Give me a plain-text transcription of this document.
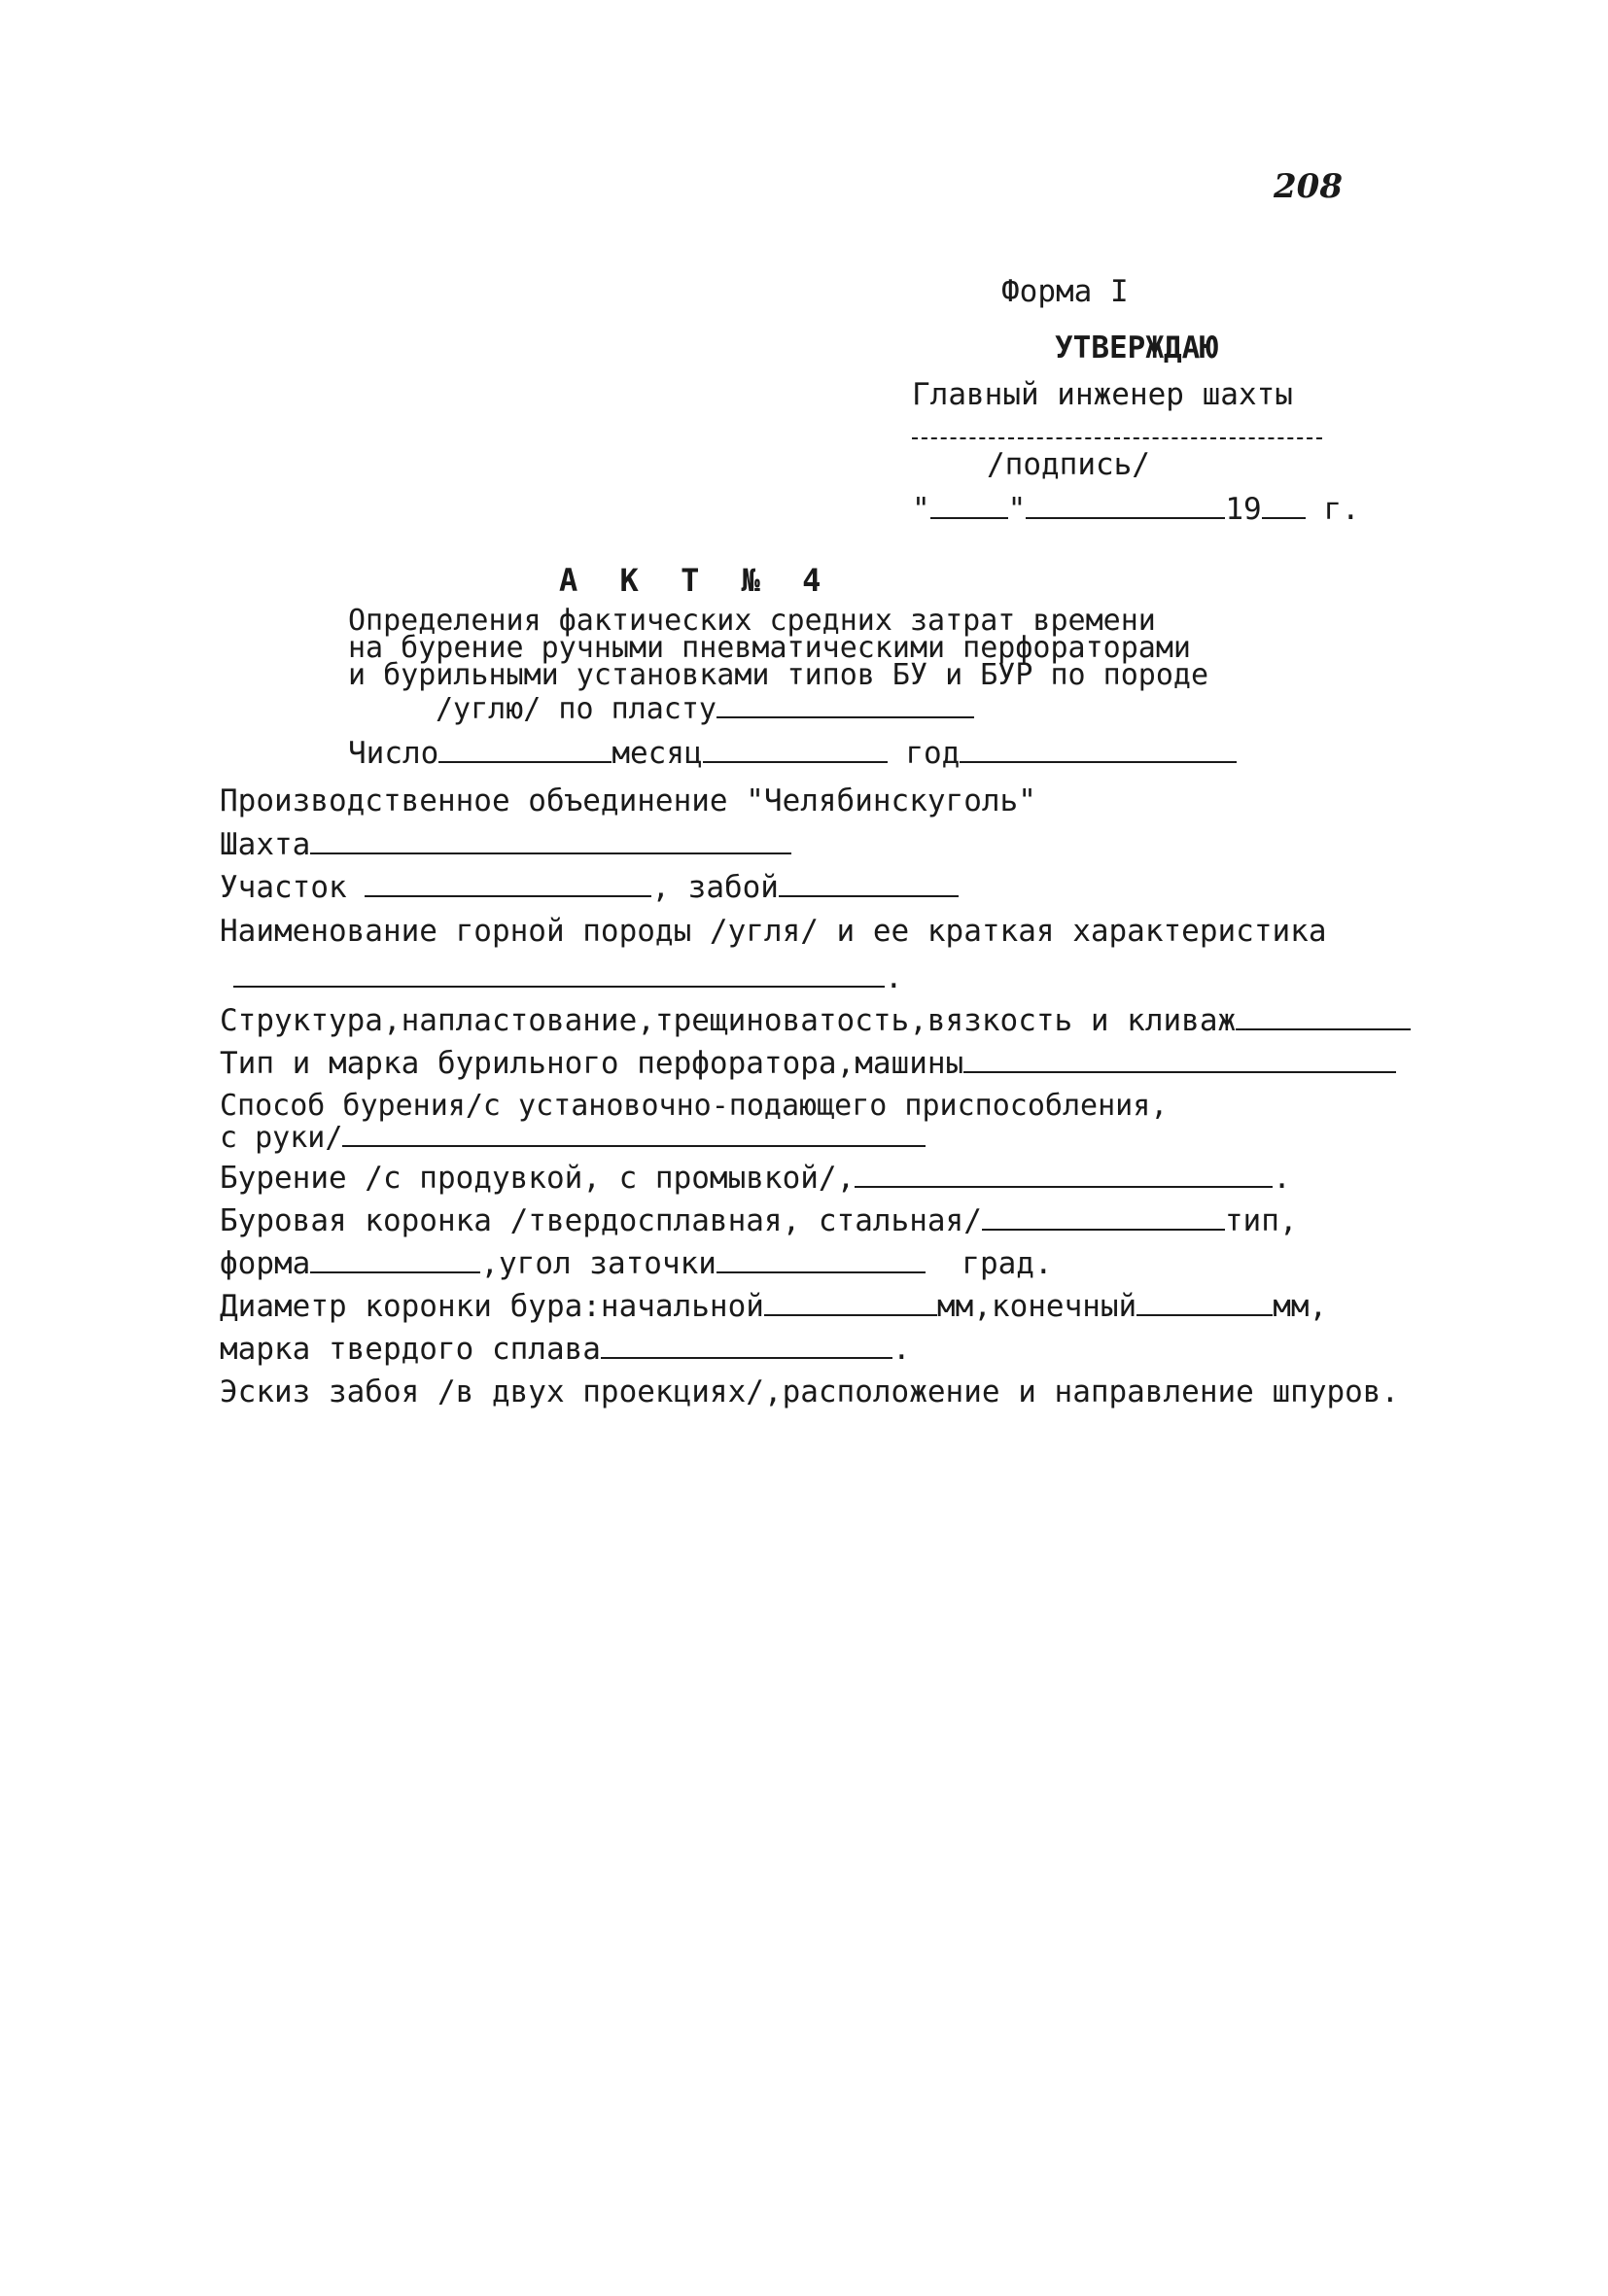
208
Форма I
УТВЕРЖДАЮ
Главный инженер шахты
/подпись/
"	"	19 г.
А К Т № 4
Определения фактических средних затрат времени
на бурение ручными пневматическими перфораторами
и бурильными установками типов БУ и БУР по породе
/углю/ по пласту
Число	месяц	год
Производственное объединение "Челябинскуголь"
Шахта
Участок	, забой
Наименование горной породы /угля/ и ее краткая характеристика
.
Структура,напластование,трещиноватость,вязкость и кливаж
Тип и марка бурильного перфоратора,машины
Способ бурения/с установочно-подающего приспособления,
с руки/
Бурение /с продувкой, с промывкой/,	.
Буровая коронка /твердосплавная, стальная/	тип,
форма	,угол заточки	град.
Диаметр коронки бура:начальной	мм,конечный	мм,
марка твердого сплава	.
Эскиз забоя /в двух проекциях/,расположение и направление шпуров.
